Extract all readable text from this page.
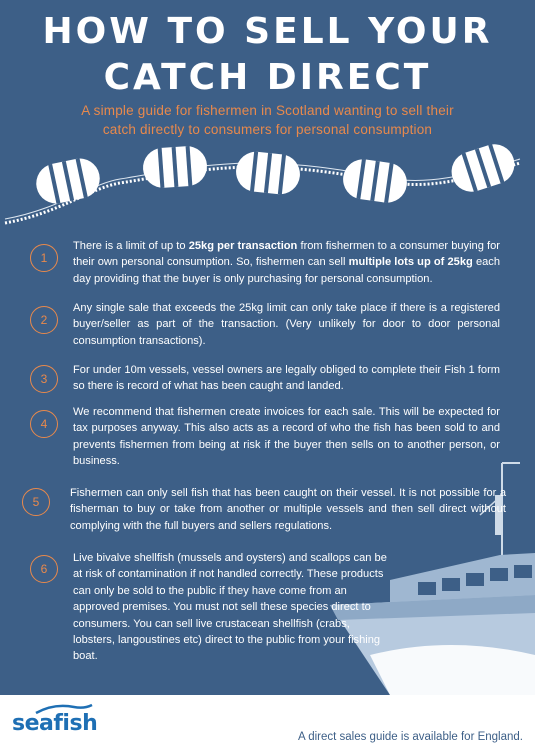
HOW TO SELL YOUR
CATCH DIRECT
A simple guide for fishermen in Scotland wanting to sell their
catch directly to consumers for personal consumption
1
There is a limit of up to 25kg per transaction from fishermen to a consumer buying for their own personal consumption. So, fishermen can sell multiple lots up of 25kg each day providing that the buyer is only purchasing for personal consumption.
2
Any single sale that exceeds the 25kg limit can only take place if there is a registered buyer/seller as part of the transaction. (Very unlikely for door to door personal consumption transactions).
3
For under 10m vessels, vessel owners are legally obliged to complete their Fish 1 form so there is record of what has been caught and landed.
4
We recommend that fishermen create invoices for each sale. This will be expected for tax purposes anyway. This also acts as a record of who the fish has been sold to and prevents fishermen from being at risk if the buyer then sells on to another person, or business.
5
Fishermen can only sell fish that has been caught on their vessel. It is not possible for a fisherman to buy or take from another or multiple vessels and then sell direct without complying with the full buyers and sellers regulations.
6
Live bivalve shellfish (mussels and oysters) and scallops can be at risk of contamination if not handled correctly. These products can only be sold to the public if they have come from an approved premises. You must not sell these species direct to consumers. You can sell live crustacean shellfish (crabs, lobsters, langoustines etc) direct to the public from your fishing boat.
seafish
A direct sales guide is available for England.
